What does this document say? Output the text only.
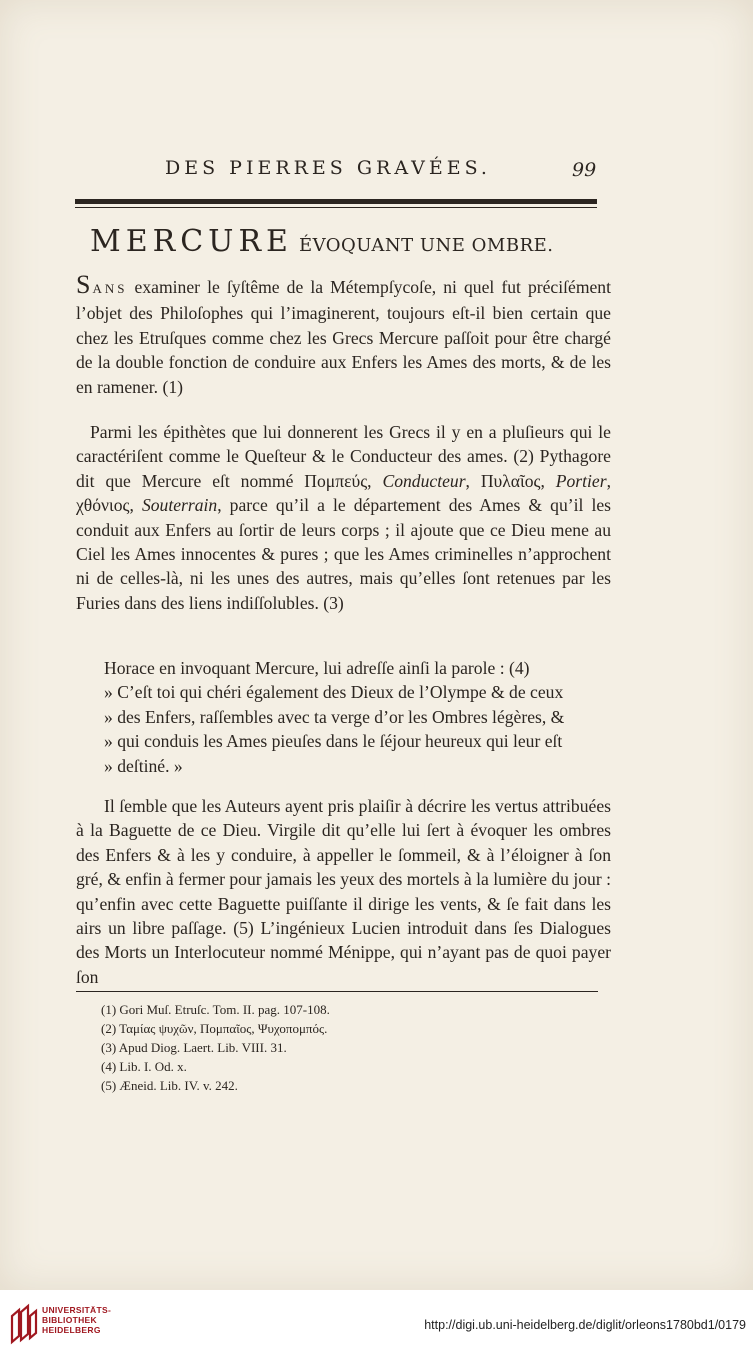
DES PIERRES GRAVÉES.	99
MERCURE ÉVOQUANT UNE OMBRE.
SANS examiner le ſyſtême de la Métempſycoſe, ni quel fut préciſément l’objet des Philoſophes qui l’imaginerent, toujours eſt-il bien certain que chez les Etruſques comme chez les Grecs Mercure paſſoit pour être chargé de la double fonction de conduire aux Enfers les Ames des morts, & de les en ramener. (1)
Parmi les épithètes que lui donnerent les Grecs il y en a pluſieurs qui le caractériſent comme le Queſteur & le Conducteur des ames. (2) Pythagore dit que Mercure eſt nommé Πομπεύς, Conducteur, Πυλαῖος, Portier, χθόνιος, Souterrain, parce qu’il a le département des Ames & qu’il les conduit aux Enfers au ſortir de leurs corps ; il ajoute que ce Dieu mene au Ciel les Ames innocentes & pures ; que les Ames criminelles n’approchent ni de celles-là, ni les unes des autres, mais qu’elles ſont retenues par les Furies dans des liens indiſſolubles. (3)
Horace en invoquant Mercure, lui adreſſe ainſi la parole : (4)
» C’eſt toi qui chéri également des Dieux de l’Olympe & de ceux
» des Enfers, raſſembles avec ta verge d’or les Ombres légères, &
» qui conduis les Ames pieuſes dans le ſéjour heureux qui leur eſt
» deſtiné. »
Il ſemble que les Auteurs ayent pris plaiſir à décrire les vertus attribuées à la Baguette de ce Dieu. Virgile dit qu’elle lui ſert à évoquer les ombres des Enfers & à les y conduire, à appeller le ſommeil, & à l’éloigner à ſon gré, & enfin à fermer pour jamais les yeux des mortels à la lumière du jour : qu’enfin avec cette Baguette puiſſante il dirige les vents, & ſe fait dans les airs un libre paſſage. (5) L’ingénieux Lucien introduit dans ſes Dialogues des Morts un Interlocuteur nommé Ménippe, qui n’ayant pas de quoi payer ſon
(1) Gori Muſ. Etruſc. Tom. II. pag. 107-108.
(2) Ταμίας ψυχῶν, Πομπαῖος, Ψυχοπομπός.
(3) Apud Diog. Laert. Lib. VIII. 31.
(4) Lib. I. Od. x.
(5) Æneid. Lib. IV. v. 242.
UNIVERSITÄTS-
BIBLIOTHEK
HEIDELBERG	http://digi.ub.uni-heidelberg.de/diglit/orleons1780bd1/0179
